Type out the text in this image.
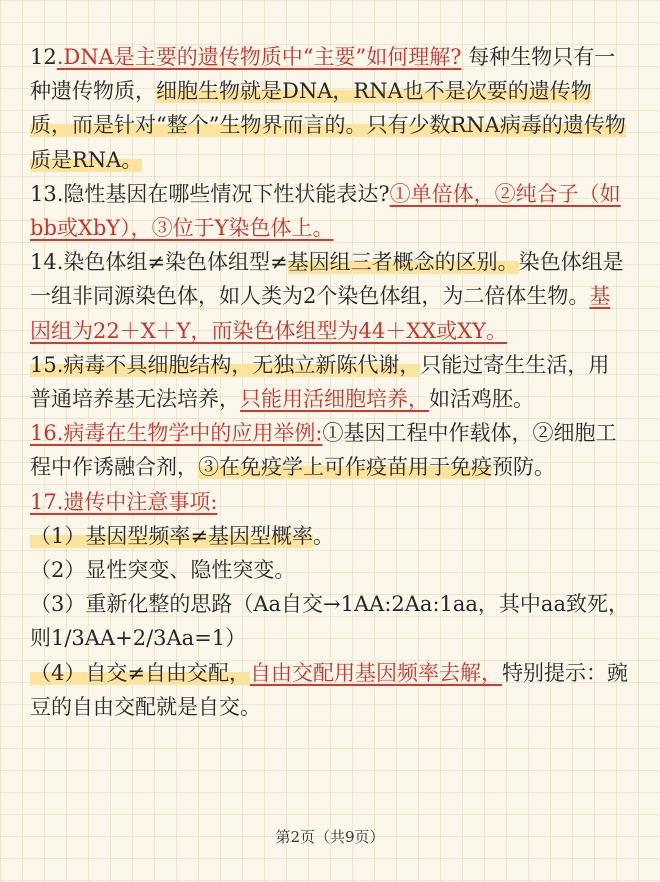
12.DNA是主要的遗传物质中“主要”如何理解? 每种生物只有一种遗传物质，细胞生物就是DNA，RNA也不是次要的遗传物质，而是针对“整个”生物界而言的。只有少数RNA病毒的遗传物质是RNA。

13.隐性基因在哪些情况下性状能表达?①单倍体，②纯合子（如bb或XbY），③位于Y染色体上。

14.染色体组≠染色体组型≠基因组三者概念的区别。染色体组是一组非同源染色体，如人类为2个染色体组，为二倍体生物。基因组为22＋X＋Y，而染色体组型为44＋XX或XY。

15.病毒不具细胞结构，无独立新陈代谢，只能过寄生生活，用普通培养基无法培养，只能用活细胞培养，如活鸡胚。

16.病毒在生物学中的应用举例:①基因工程中作载体，②细胞工程中作诱融合剂，③在免疫学上可作疫苗用于免疫预防。

17.遗传中注意事项:

（1）基因型频率≠基因型概率。

（2）显性突变、隐性突变。

（3）重新化整的思路（Aa自交→1AA:2Aa:1aa，其中aa致死，则1/3AA+2/3Aa=1）

（4）自交≠自由交配，自由交配用基因频率去解，特别提示：豌豆的自由交配就是自交。

第2页（共9页）
